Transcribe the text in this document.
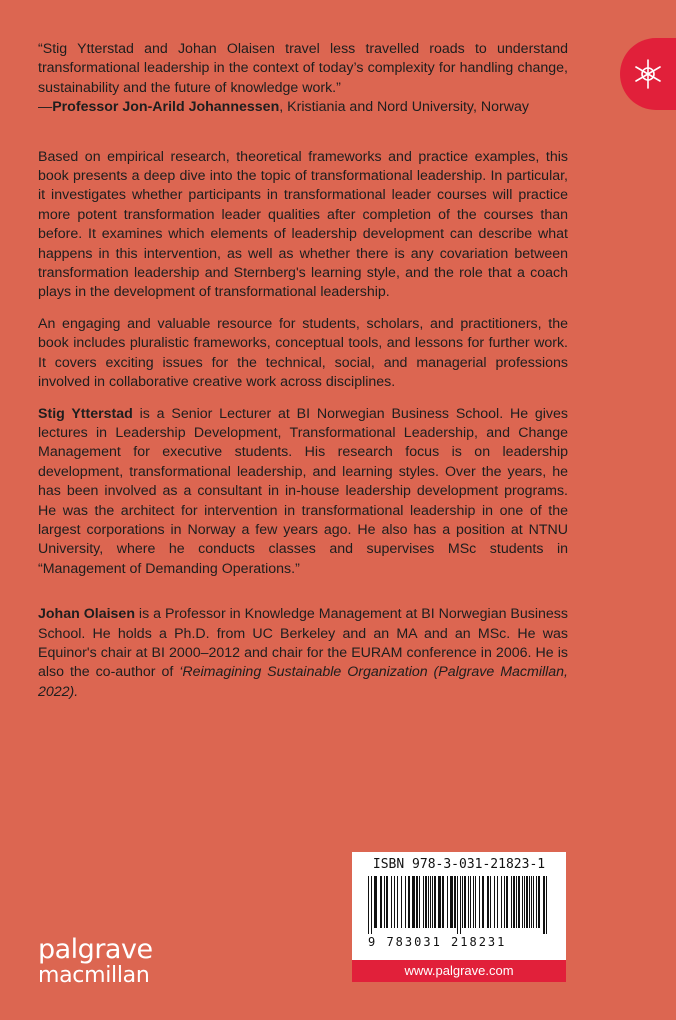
“Stig Ytterstad and Johan Olaisen travel less travelled roads to understand transformational leadership in the context of today’s complexity for handling change, sustainability and the future of knowledge work.”

—Professor Jon-Arild Johannessen, Kristiania and Nord University, Norway

Based on empirical research, theoretical frameworks and practice examples, this book presents a deep dive into the topic of transformational leadership. In particular, it investigates whether participants in transformational leader courses will practice more potent transformation leader qualities after completion of the courses than before. It examines which elements of leadership development can describe what happens in this intervention, as well as whether there is any covariation between transformation leadership and Sternberg's learning style, and the role that a coach plays in the development of transformational leadership.

An engaging and valuable resource for students, scholars, and practitioners, the book includes pluralistic frameworks, conceptual tools, and lessons for further work. It covers exciting issues for the technical, social, and managerial professions involved in collaborative creative work across disciplines.

Stig Ytterstad is a Senior Lecturer at BI Norwegian Business School. He gives lectures in Leadership Development, Transformational Leadership, and Change Management for executive students. His research focus is on leadership development, transformational leadership, and learning styles. Over the years, he has been involved as a consultant in in-house leadership development programs. He was the architect for intervention in transformational leadership in one of the largest corporations in Norway a few years ago. He also has a position at NTNU University, where he conducts classes and supervises MSc students in “Management of Demanding Operations.”

Johan Olaisen is a Professor in Knowledge Management at BI Norwegian Business School. He holds a Ph.D. from UC Berkeley and an MA and an MSc. He was Equinor's chair at BI 2000–2012 and chair for the EURAM conference in 2006. He is also the co-author of ‘Reimagining Sustainable Organization (Palgrave Macmillan, 2022).

ISBN 978-3-031-21823-1
9 783031 218231
www.palgrave.com
palgrave
macmillan
